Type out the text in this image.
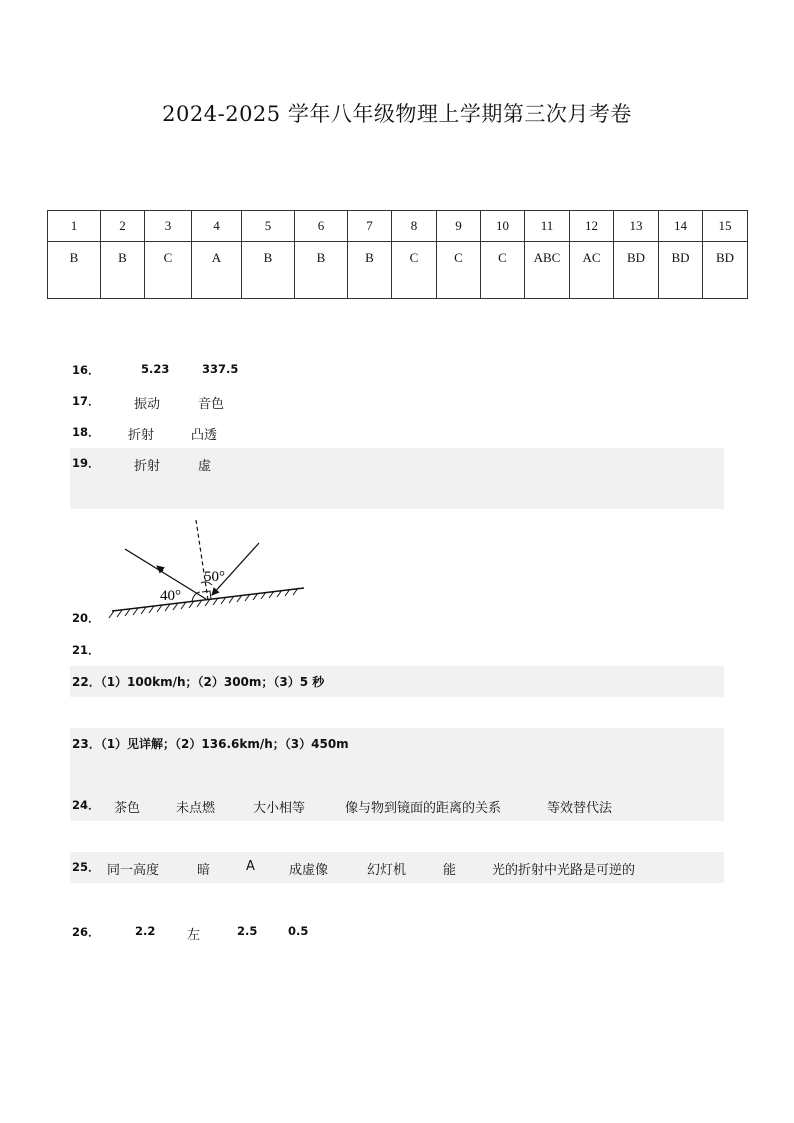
2024-2025 学年八年级物理上学期第三次月考卷
1	2	3	4	5	6	7	8	9	10	11	12	13	14	15
B	B	C	A	B	B	B	C	C	C	ABC	AC	BD	BD	BD
16．	5.23	337.5
17．	振动	音色
18． 折射	凸透
19．	折射	虚
50°
40°
20．
21．
22．（1）100km/h；（2）300m；（3）5 秒
23．（1）见详解；（2）136.6km/h；（3）450m
24． 茶色	未点燃	大小相等	像与物到镜面的距离的关系	等效替代法
25． 同一高度	暗	A	成虚像	幻灯机	能	光的折射中光路是可逆的
26．	2.2 左	2.5	0.5
